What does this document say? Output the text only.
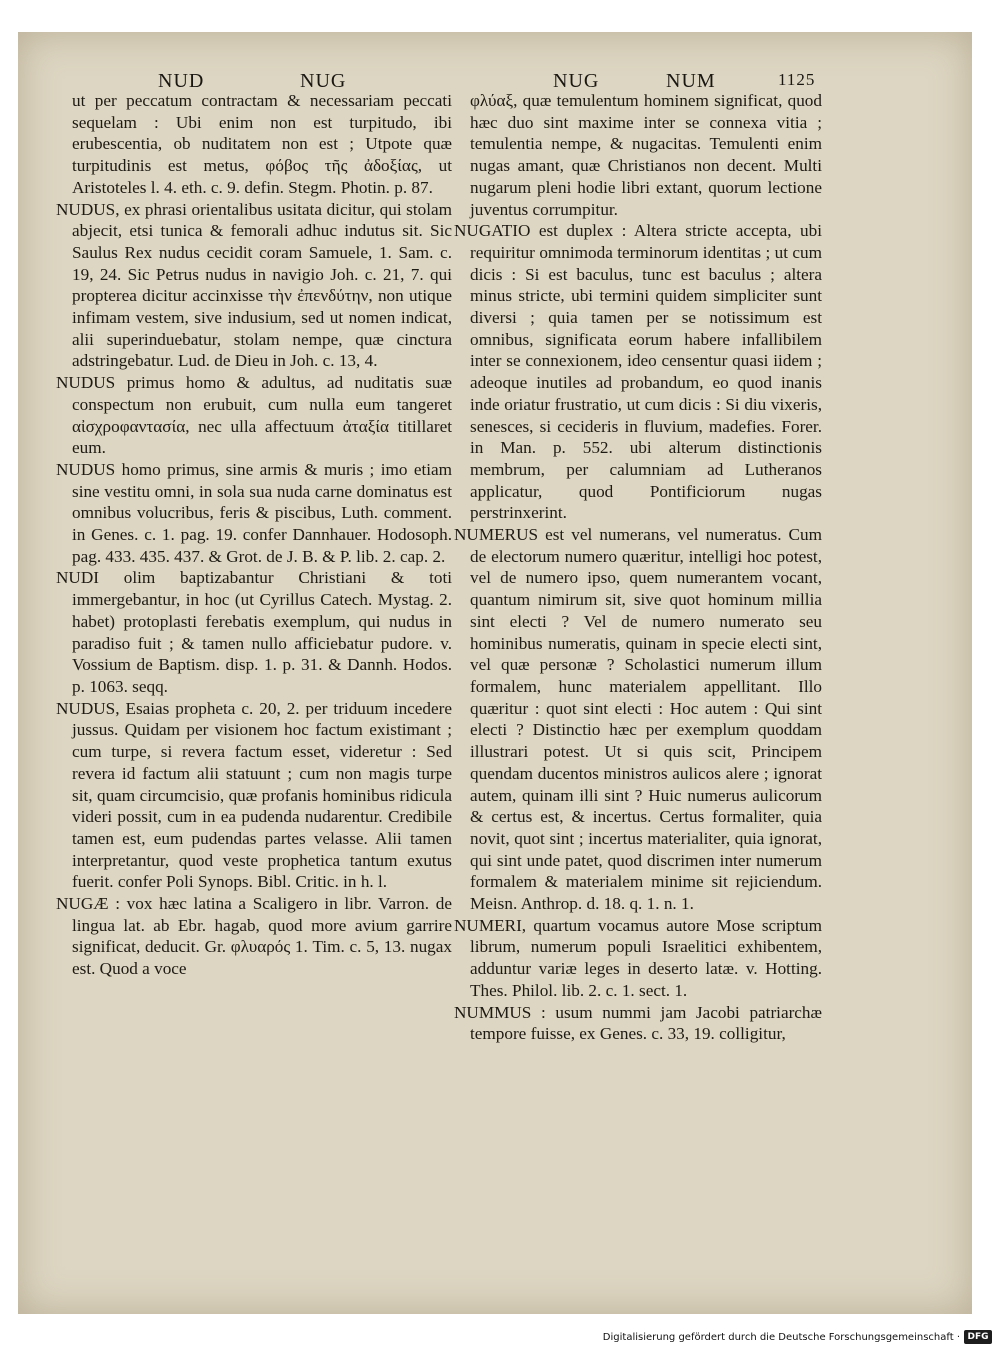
NUD	NUG	NUG	NUM	1125

ut per peccatum contractam & necessariam peccati sequelam : Ubi enim non est turpitudo, ibi erubescentia, ob nuditatem non est ; Utpote quæ turpitudinis est metus, φόβος τῆς ἀδοξίας, ut Aristoteles l. 4. eth. c. 9. defin. Stegm. Photin. p. 87.

NUDUS, ex phrasi orientalibus usitata dicitur, qui stolam abjecit, etsi tunica & femorali adhuc indutus sit. Sic Saulus Rex nudus cecidit coram Samuele, 1. Sam. c. 19, 24. Sic Petrus nudus in navigio Joh. c. 21, 7. qui propterea dicitur accinxisse τὴν ἐπενδύτην, non utique infimam vestem, sive indusium, sed ut nomen indicat, alii superinduebatur, stolam nempe, quæ cinctura adstringebatur. Lud. de Dieu in Joh. c. 13, 4.

NUDUS primus homo & adultus, ad nuditatis suæ conspectum non erubuit, cum nulla eum tangeret αἰσχροφαντασία, nec ulla affectuum ἀταξία titillaret eum.

NUDUS homo primus, sine armis & muris ; imo etiam sine vestitu omni, in sola sua nuda carne dominatus est omnibus volucribus, feris & piscibus, Luth. comment. in Genes. c. 1. pag. 19. confer Dannhauer. Hodosoph. pag. 433. 435. 437. & Grot. de J. B. & P. lib. 2. cap. 2.

NUDI olim baptizabantur Christiani & toti immergebantur, in hoc (ut Cyrillus Catech. Mystag. 2. habet) protoplasti ferebatis exemplum, qui nudus in paradiso fuit ; & tamen nullo afficiebatur pudore. v. Vossium de Baptism. disp. 1. p. 31. & Dannh. Hodos. p. 1063. seqq.

NUDUS, Esaias propheta c. 20, 2. per triduum incedere jussus. Quidam per visionem hoc factum existimant ; cum turpe, si revera factum esset, videretur : Sed revera id factum alii statuunt ; cum non magis turpe sit, quam circumcisio, quæ profanis hominibus ridicula videri possit, cum in ea pudenda nudarentur. Credibile tamen est, eum pudendas partes velasse. Alii tamen interpretantur, quod veste prophetica tantum exutus fuerit. confer Poli Synops. Bibl. Critic. in h. l.

NUGÆ : vox hæc latina a Scaligero in libr. Varron. de lingua lat. ab Ebr. hagab, quod more avium garrire significat, deducit. Gr. φλυαρός 1. Tim. c. 5, 13. nugax est. Quod a voce

φλύαξ, quæ temulentum hominem significat, quod hæc duo sint maxime inter se connexa vitia ; temulentia nempe, & nugacitas. Temulenti enim nugas amant, quæ Christianos non decent. Multi nugarum pleni hodie libri extant, quorum lectione juventus corrumpitur.

NUGATIO est duplex : Altera stricte accepta, ubi requiritur omnimoda terminorum identitas ; ut cum dicis : Si est baculus, tunc est baculus ; altera minus stricte, ubi termini quidem simpliciter sunt diversi ; quia tamen per se notissimum est omnibus, significata eorum habere infallibilem inter se connexionem, ideo censentur quasi iidem ; adeoque inutiles ad probandum, eo quod inanis inde oriatur frustratio, ut cum dicis : Si diu vixeris, senesces, si cecideris in fluvium, madefies. Forer. in Man. p. 552. ubi alterum distinctionis membrum, per calumniam ad Lutheranos applicatur, quod Pontificiorum nugas perstrinxerint.

NUMERUS est vel numerans, vel numeratus. Cum de electorum numero quæritur, intelligi hoc potest, vel de numero ipso, quem numerantem vocant, quantum nimirum sit, sive quot hominum millia sint electi ? Vel de numero numerato seu hominibus numeratis, quinam in specie electi sint, vel quæ personæ ? Scholastici numerum illum formalem, hunc materialem appellitant. Illo quæritur : quot sint electi : Hoc autem : Qui sint electi ? Distinctio hæc per exemplum quoddam illustrari potest. Ut si quis scit, Principem quendam ducentos ministros aulicos alere ; ignorat autem, quinam illi sint ? Huic numerus aulicorum & certus est, & incertus. Certus formaliter, quia novit, quot sint ; incertus materialiter, quia ignorat, qui sint unde patet, quod discrimen inter numerum formalem & materialem minime sit rejiciendum. Meisn. Anthrop. d. 18. q. 1. n. 1.

NUMERI, quartum vocamus autore Mose scriptum librum, numerum populi Israelitici exhibentem, adduntur variæ leges in deserto latæ. v. Hotting. Thes. Philol. lib. 2. c. 1. sect. 1.

NUMMUS : usum nummi jam Jacobi patriarchæ tempore fuisse, ex Genes. c. 33, 19. colligitur,

Digitalisierung gefördert durch die Deutsche Forschungsgemeinschaft · DFG
